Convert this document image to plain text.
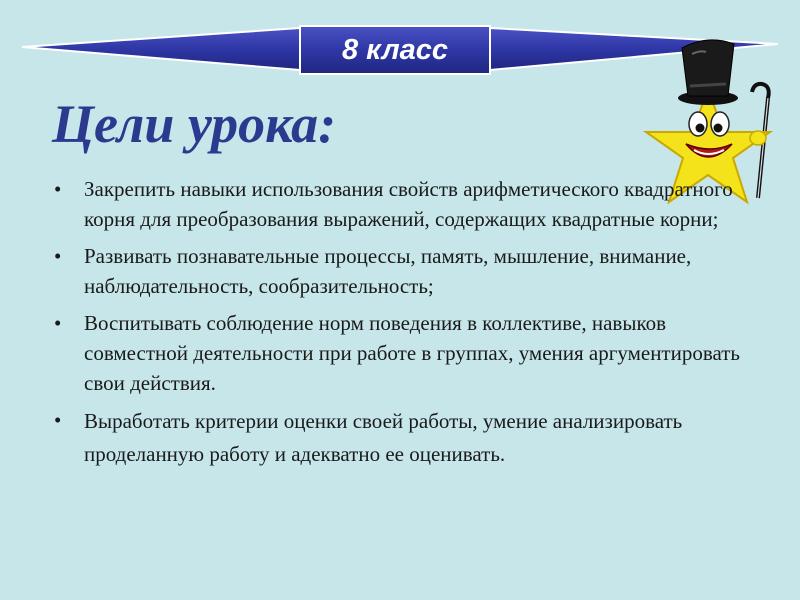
8 класс
Цели урока:
•	Закрепить навыки использования свойств арифметического квадратного корня для преобразования выражений, содержащих квадратные корни;
•	Развивать познавательные процессы, память, мышление, внимание, наблюдательность, сообразительность;
•	Воспитывать соблюдение норм поведения в коллективе, навыков совместной деятельности при работе в группах, умения аргументировать свои действия.
•	Выработать критерии оценки своей работы, умение анализировать проделанную работу и адекватно ее оценивать.
